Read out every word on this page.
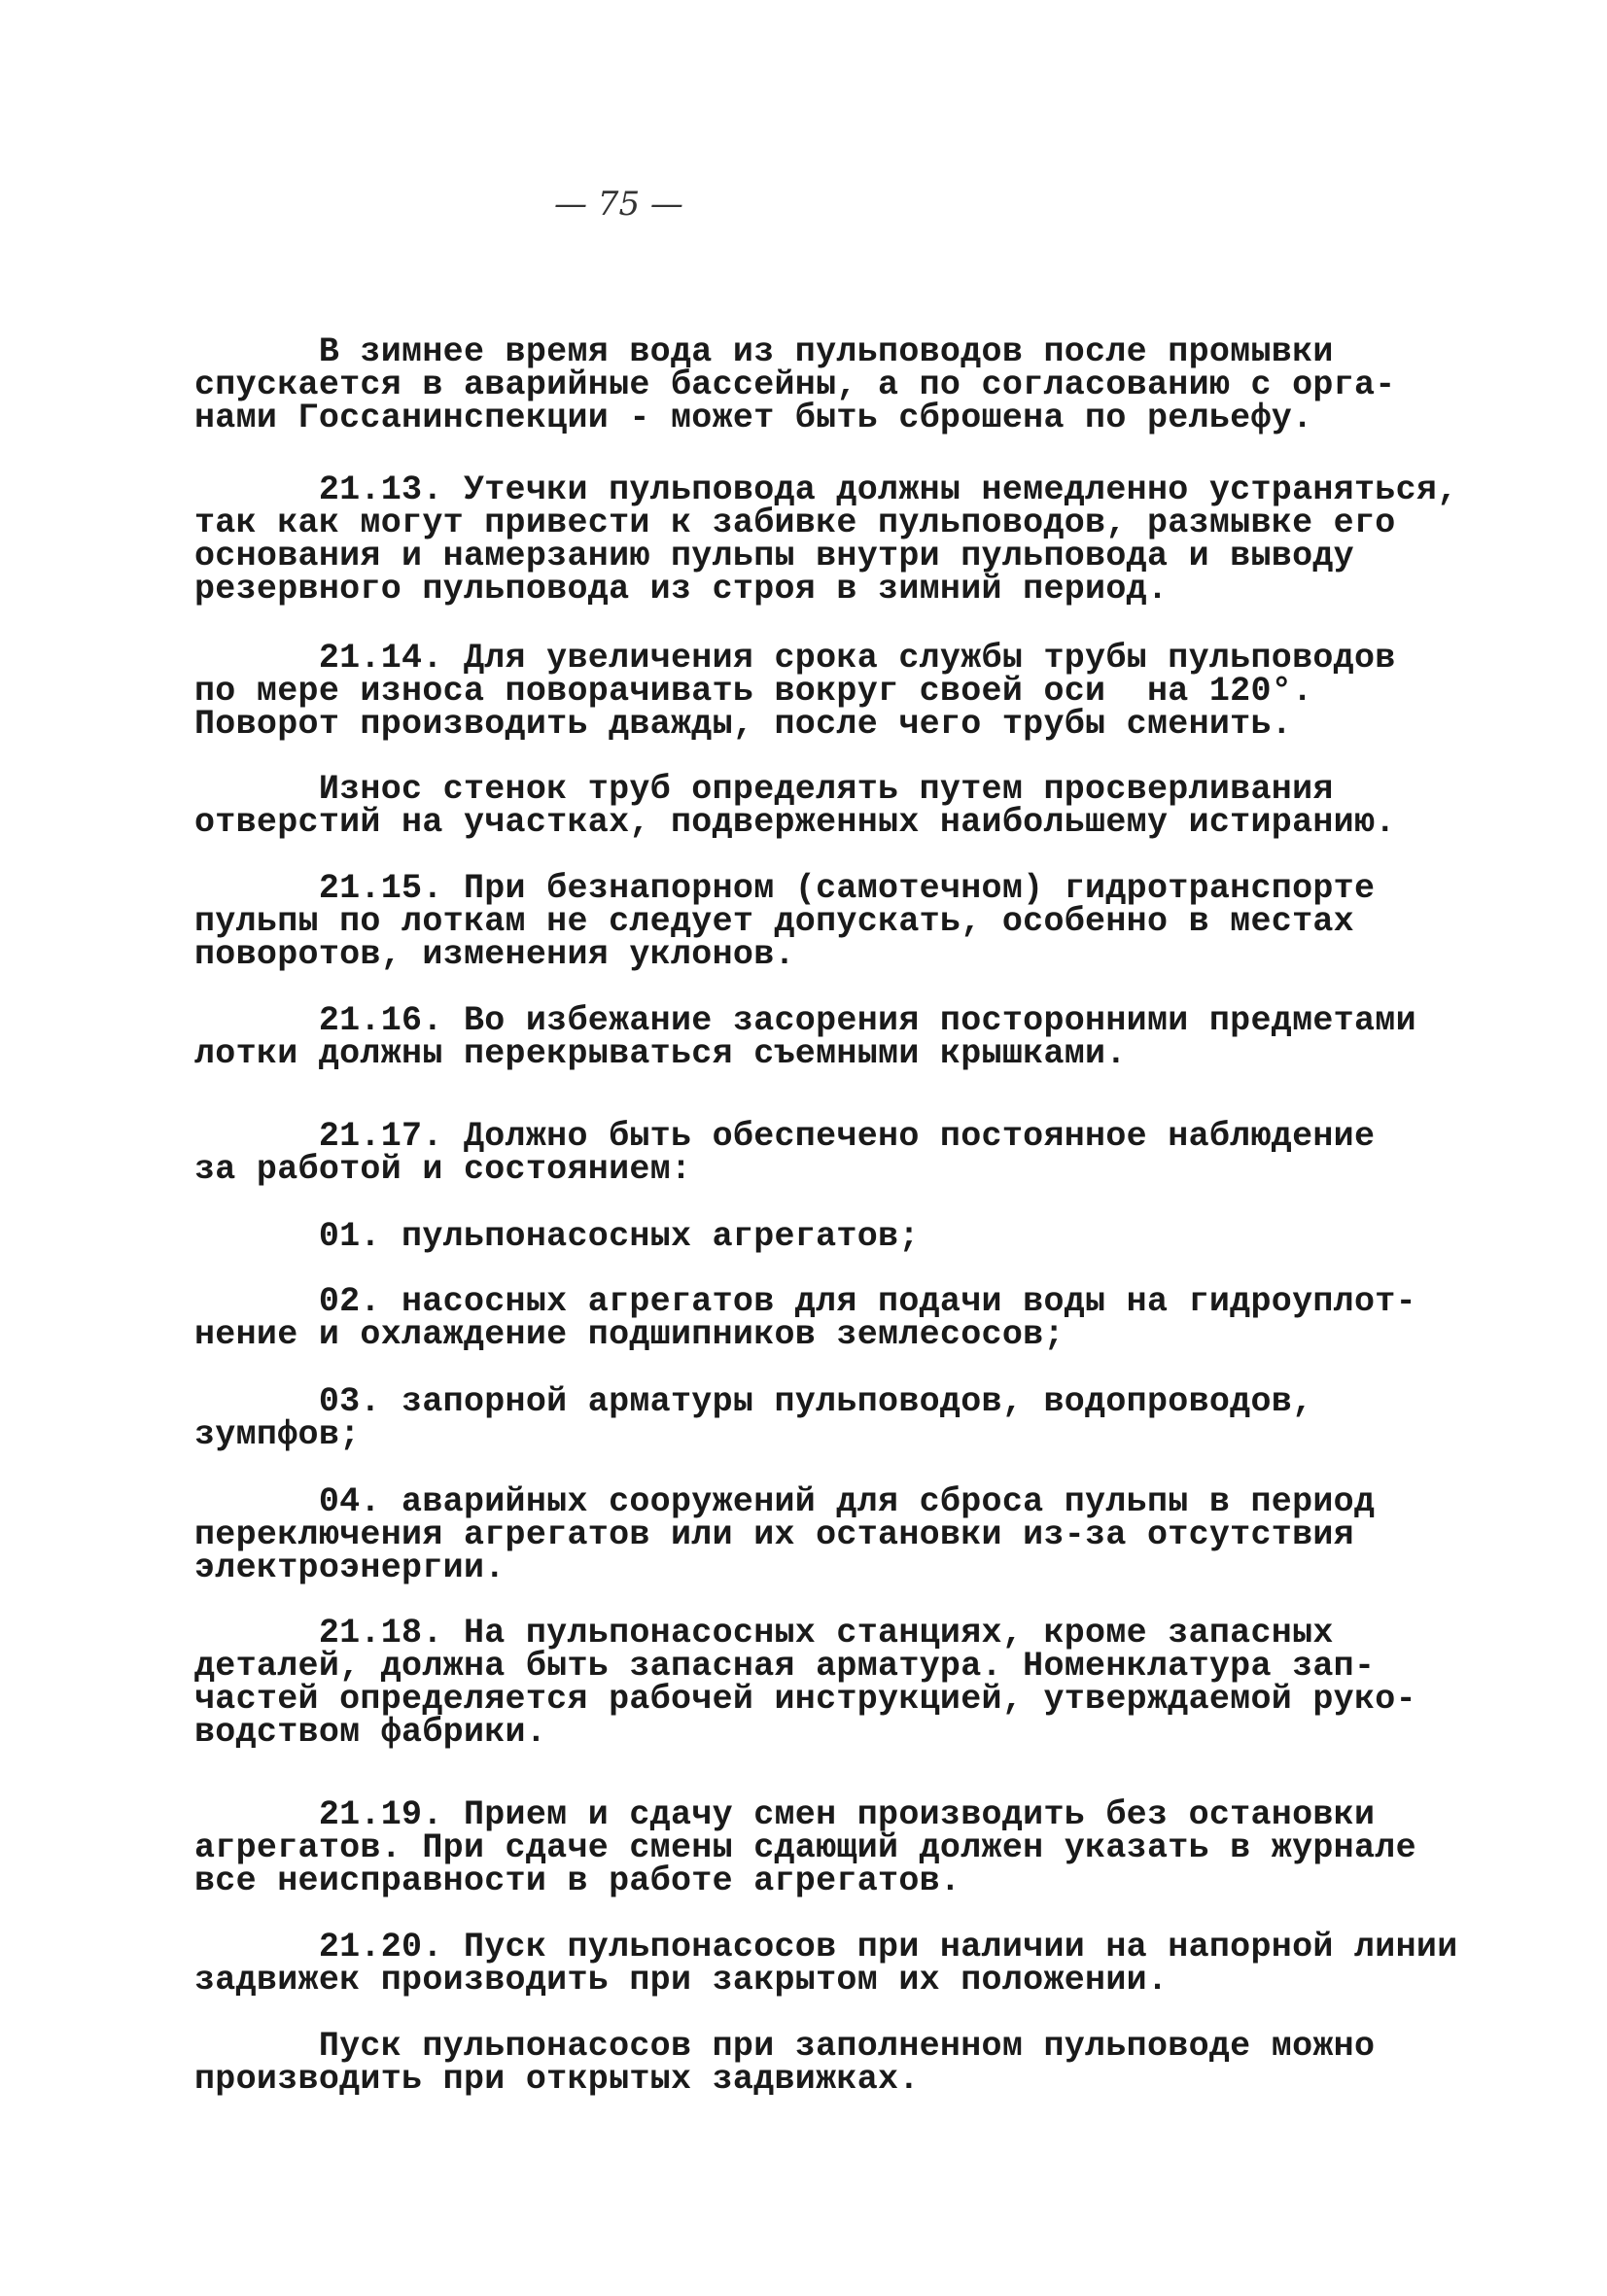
— 75 —

В зимнее время вода из пульповодов после промывки
спускается в аварийные бассейны, а по согласованию с орга-
нами Госсанинспекции - может быть сброшена по рельефу.

21.13. Утечки пульповода должны немедленно устраняться,
так как могут привести к забивке пульповодов, размывке его
основания и намерзанию пульпы внутри пульповода и выводу
резервного пульповода из строя в зимний период.

21.14. Для увеличения срока службы трубы пульповодов
по мере износа поворачивать вокруг своей оси  на 120°.
Поворот производить дважды, после чего трубы сменить.

Износ стенок труб определять путем просверливания
отверстий на участках, подверженных наибольшему истиранию.

21.15. При безнапорном (самотечном) гидротранспорте
пульпы по лоткам не следует допускать, особенно в местах
поворотов, изменения уклонов.

21.16. Во избежание засорения посторонними предметами
лотки должны перекрываться съемными крышками.

21.17. Должно быть обеспечено постоянное наблюдение
за работой и состоянием:

01. пульпонасосных агрегатов;

02. насосных агрегатов для подачи воды на гидроуплот-
нение и охлаждение подшипников землесосов;

03. запорной арматуры пульповодов, водопроводов,
зумпфов;

04. аварийных сооружений для сброса пульпы в период
переключения агрегатов или их остановки из-за отсутствия
электроэнергии.

21.18. На пульпонасосных станциях, кроме запасных
деталей, должна быть запасная арматура. Номенклатура зап-
частей определяется рабочей инструкцией, утверждаемой руко-
водством фабрики.

21.19. Прием и сдачу смен производить без остановки
агрегатов. При сдаче смены сдающий должен указать в журнале
все неисправности в работе агрегатов.

21.20. Пуск пульпонасосов при наличии на напорной линии
задвижек производить при закрытом их положении.

Пуск пульпонасосов при заполненном пульповоде можно
производить при открытых задвижках.
